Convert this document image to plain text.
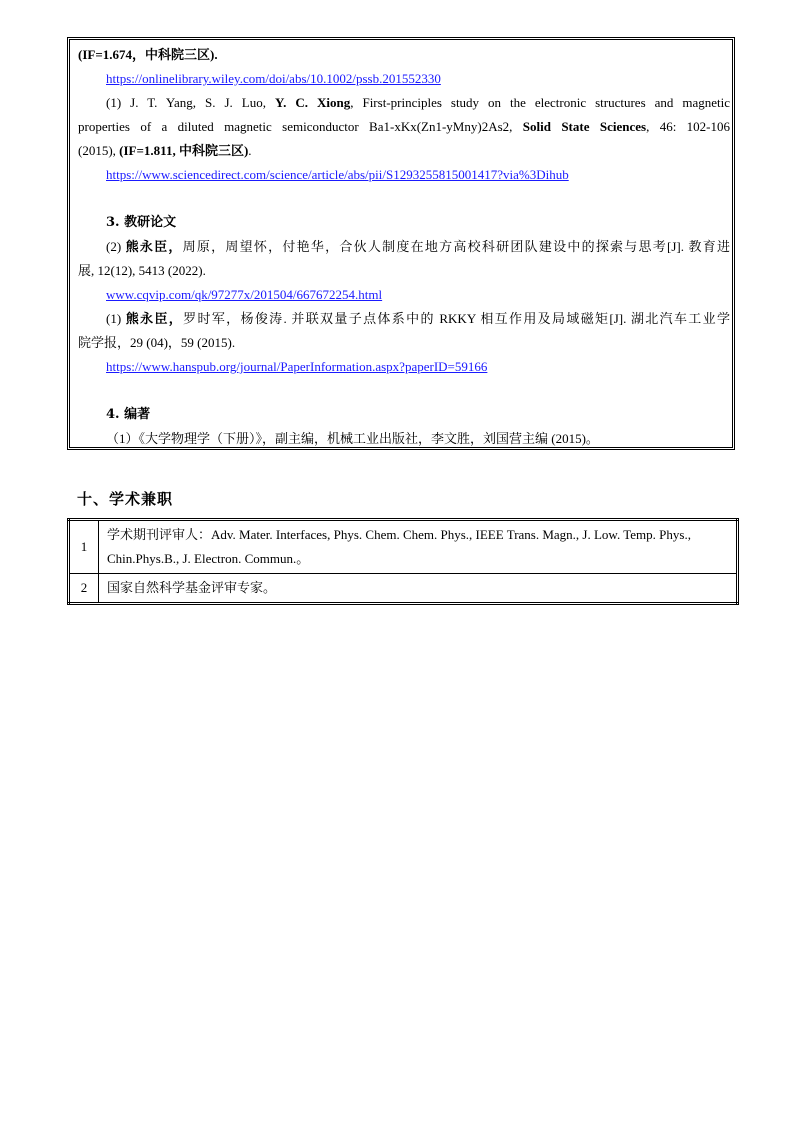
(IF=1.674，中科院三区).
https://onlinelibrary.wiley.com/doi/abs/10.1002/pssb.201552330
(1) J. T. Yang, S. J. Luo, Y. C. Xiong, First-principles study on the electronic structures and magnetic
properties of a diluted magnetic semiconductor Ba1-xKx(Zn1-yMny)2As2, Solid State Sciences, 46: 102-106
(2015), (IF=1.811, 中科院三区).
https://www.sciencedirect.com/science/article/abs/pii/S1293255815001417?via%3Dihub
3. 教研论文
(2) 熊永臣，周原，周望怀，付艳华，合伙人制度在地方高校科研团队建设中的探索与思考[J]. 教育进
展, 12(12), 5413 (2022).
www.cqvip.com/qk/97277x/201504/667672254.html
(1) 熊永臣，罗时军，杨俊涛. 并联双量子点体系中的 RKKY 相互作用及局域磁矩[J]. 湖北汽车工业学
院学报，29 (04)，59 (2015).
https://www.hanspub.org/journal/PaperInformation.aspx?paperID=59166
4. 编著
（1）《大学物理学（下册）》，副主编，机械工业出版社，李文胜，刘国营主编 (2015)。
十、学术兼职
1	学术期刊评审人：Adv. Mater. Interfaces, Phys. Chem. Chem. Phys., IEEE Trans. Magn., J. Low. Temp. Phys., Chin.Phys.B., J. Electron. Commun.。
2	国家自然科学基金评审专家。
